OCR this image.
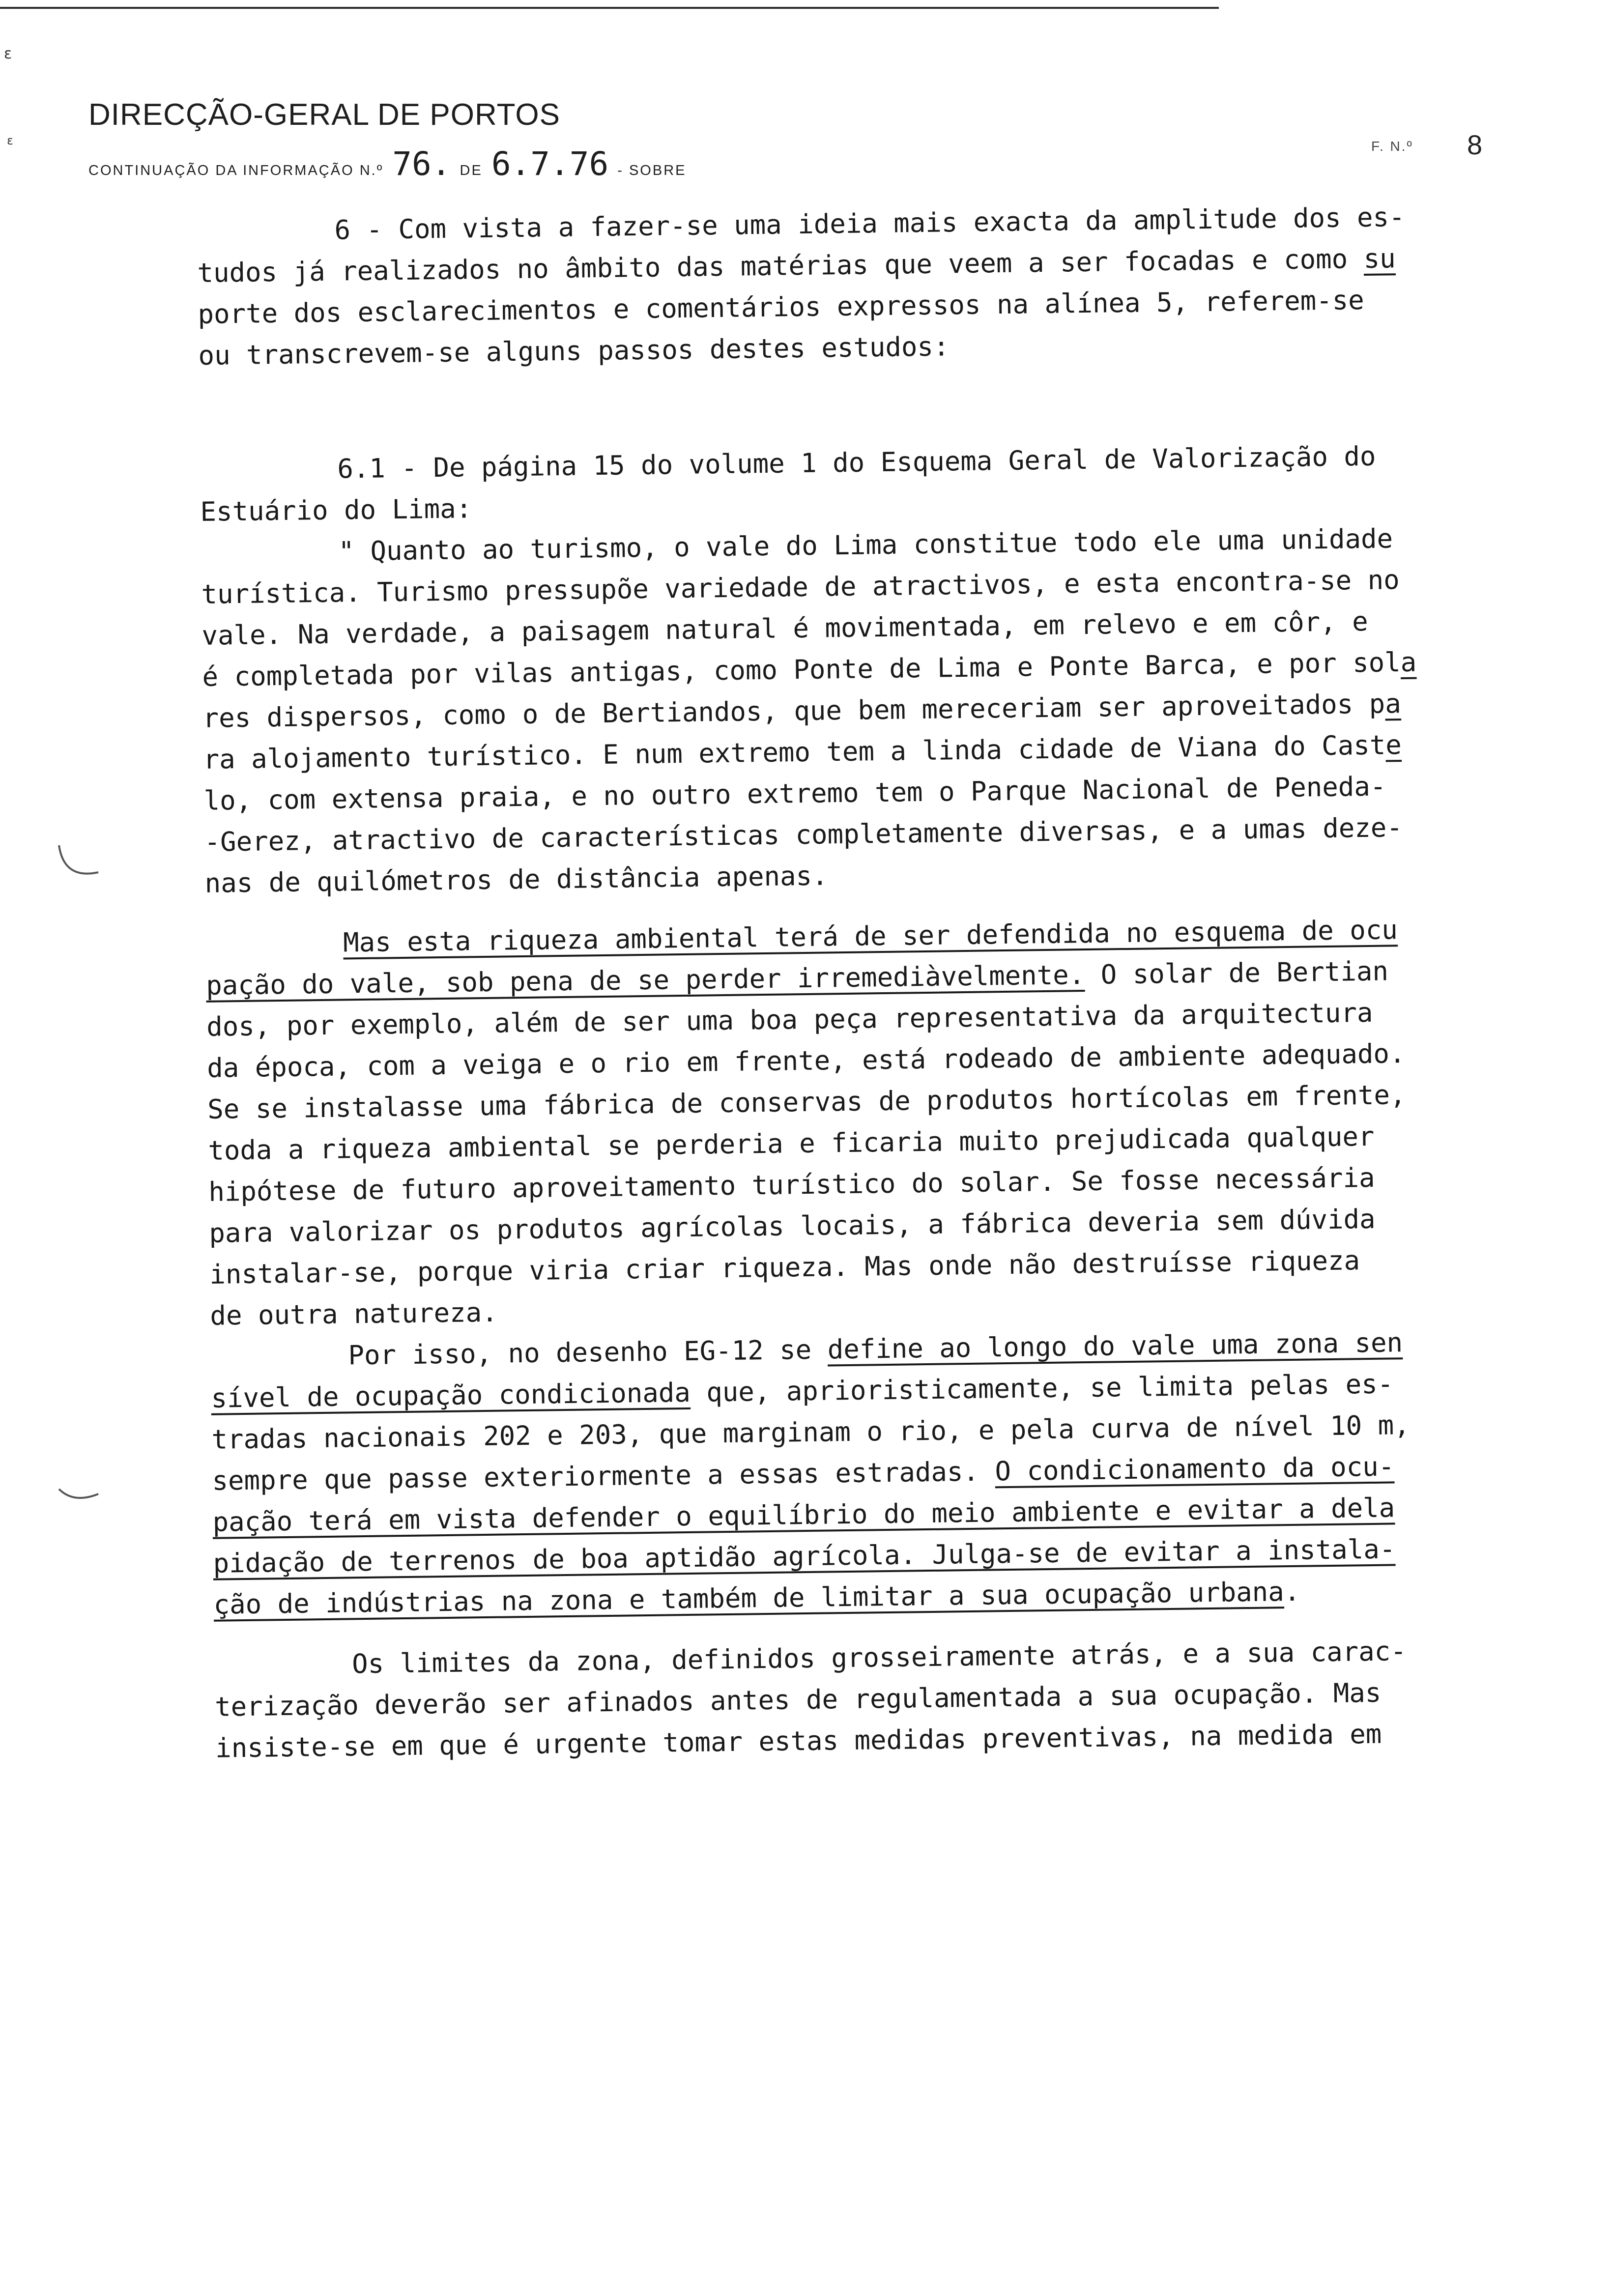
ɛ
ɛ
DIRECÇÃO-GERAL DE PORTOS
CONTINUAÇÃO DA INFORMAÇÃO N.º 76. DE 6.7.76 - SOBRE
F. N.º 8
6 - Com vista a fazer-se uma ideia mais exacta da amplitude dos es-
tudos já realizados no âmbito das matérias que veem a ser focadas e como su
porte dos esclarecimentos e comentários expressos na alínea 5, referem-se
ou transcrevem-se alguns passos destes estudos:
6.1 - De página 15 do volume 1 do Esquema Geral de Valorização do
Estuário do Lima:
" Quanto ao turismo, o vale do Lima constitue todo ele uma unidade
turística. Turismo pressupõe variedade de atractivos, e esta encontra-se no
vale. Na verdade, a paisagem natural é movimentada, em relevo e em côr, e
é completada por vilas antigas, como Ponte de Lima e Ponte Barca, e por sola
res dispersos, como o de Bertiandos, que bem mereceriam ser aproveitados pa
ra alojamento turístico. E num extremo tem a linda cidade de Viana do Caste
lo, com extensa praia, e no outro extremo tem o Parque Nacional de Peneda-
-Gerez, atractivo de características completamente diversas, e a umas deze-
nas de quilómetros de distância apenas.
Mas esta riqueza ambiental terá de ser defendida no esquema de ocu
pação do vale, sob pena de se perder irremediàvelmente. O solar de Bertian
dos, por exemplo, além de ser uma boa peça representativa da arquitectura
da época, com a veiga e o rio em frente, está rodeado de ambiente adequado.
Se se instalasse uma fábrica de conservas de produtos hortícolas em frente,
toda a riqueza ambiental se perderia e ficaria muito prejudicada qualquer
hipótese de futuro aproveitamento turístico do solar. Se fosse necessária
para valorizar os produtos agrícolas locais, a fábrica deveria sem dúvida
instalar-se, porque viria criar riqueza. Mas onde não destruísse riqueza
de outra natureza.
Por isso, no desenho EG-12 se define ao longo do vale uma zona sen
sível de ocupação condicionada que, aprioristicamente, se limita pelas es-
tradas nacionais 202 e 203, que marginam o rio, e pela curva de nível 10 m,
sempre que passe exteriormente a essas estradas. O condicionamento da ocu-
pação terá em vista defender o equilíbrio do meio ambiente e evitar a dela
pidação de terrenos de boa aptidão agrícola. Julga-se de evitar a instala-
ção de indústrias na zona e também de limitar a sua ocupação urbana.
Os limites da zona, definidos grosseiramente atrás, e a sua carac-
terização deverão ser afinados antes de regulamentada a sua ocupação. Mas
insiste-se em que é urgente tomar estas medidas preventivas, na medida em
